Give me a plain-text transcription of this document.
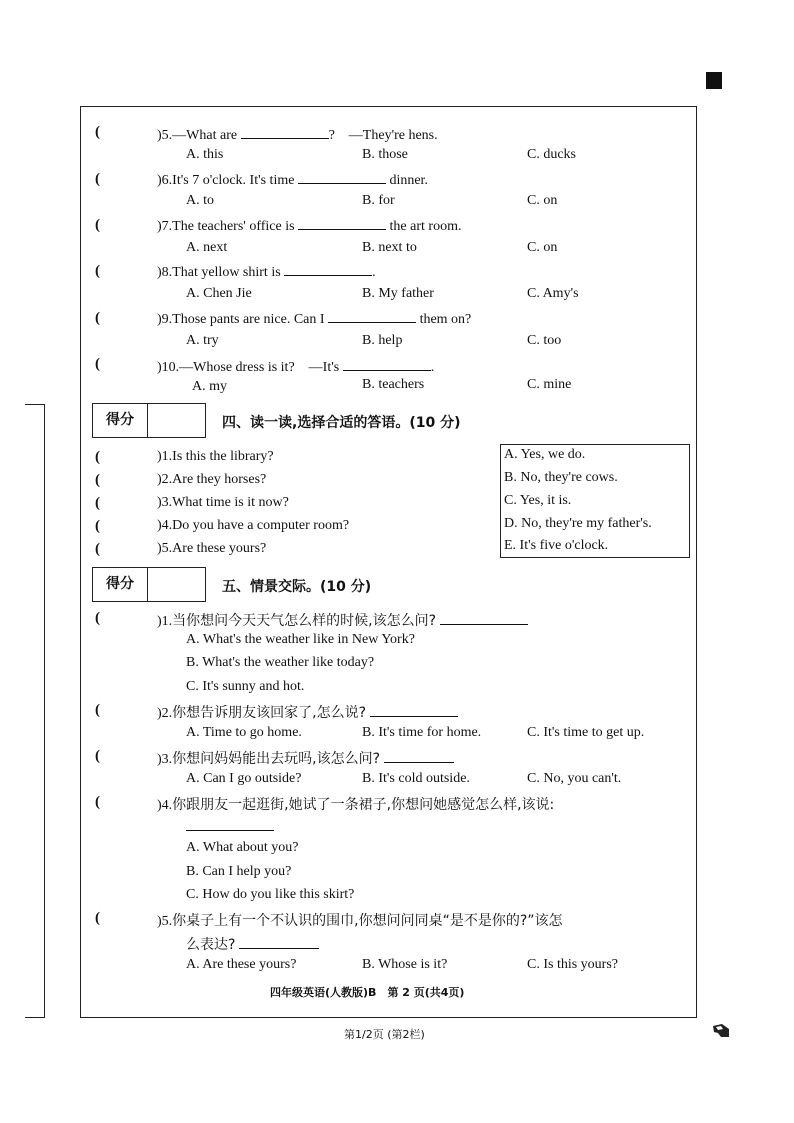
(	)5.—What are	?　—They're hens.
A. this	B. those	C. ducks
(	)6.It's 7 o'clock. It's time	dinner.
A. to	B. for	C. on
(	)7.The teachers' office is	the art room.
A. next	B. next to	C. on
(	)8.That yellow shirt is	.
A. Chen Jie	B. My father	C. Amy's
(	)9.Those pants are nice. Can I	them on?
A. try	B. help	C. too
(	)10.—Whose dress is it?　—It's	.
A. my	B. teachers	C. mine
得分	四、读一读,选择合适的答语。(10 分)
(	)1.Is this the library?
(	)2.Are they horses?
(	)3.What time is it now?
(	)4.Do you have a computer room?
(	)5.Are these yours?
A. Yes, we do.
B. No, they're cows.
C. Yes, it is.
D. No, they're my father's.
E. It's five o'clock.
得分	五、情景交际。(10 分)
(	)1.当你想问今天天气怎么样的时候,该怎么问?
A. What's the weather like in New York?
B. What's the weather like today?
C. It's sunny and hot.
(	)2.你想告诉朋友该回家了,怎么说?
A. Time to go home.	B. It's time for home.	C. It's time to get up.
(	)3.你想问妈妈能出去玩吗,该怎么问?
A. Can I go outside?	B. It's cold outside.	C. No, you can't.
(	)4.你跟朋友一起逛街,她试了一条裙子,你想问她感觉怎么样,该说:
A. What about you?
B. Can I help you?
C. How do you like this skirt?
(	)5.你桌子上有一个不认识的围巾,你想问问同桌“是不是你的?”该怎
么表达?
A. Are these yours?	B. Whose is it?	C. Is this yours?
四年级英语(人教版)B　第 2 页(共4页)
第1/2页 (第2栏)
